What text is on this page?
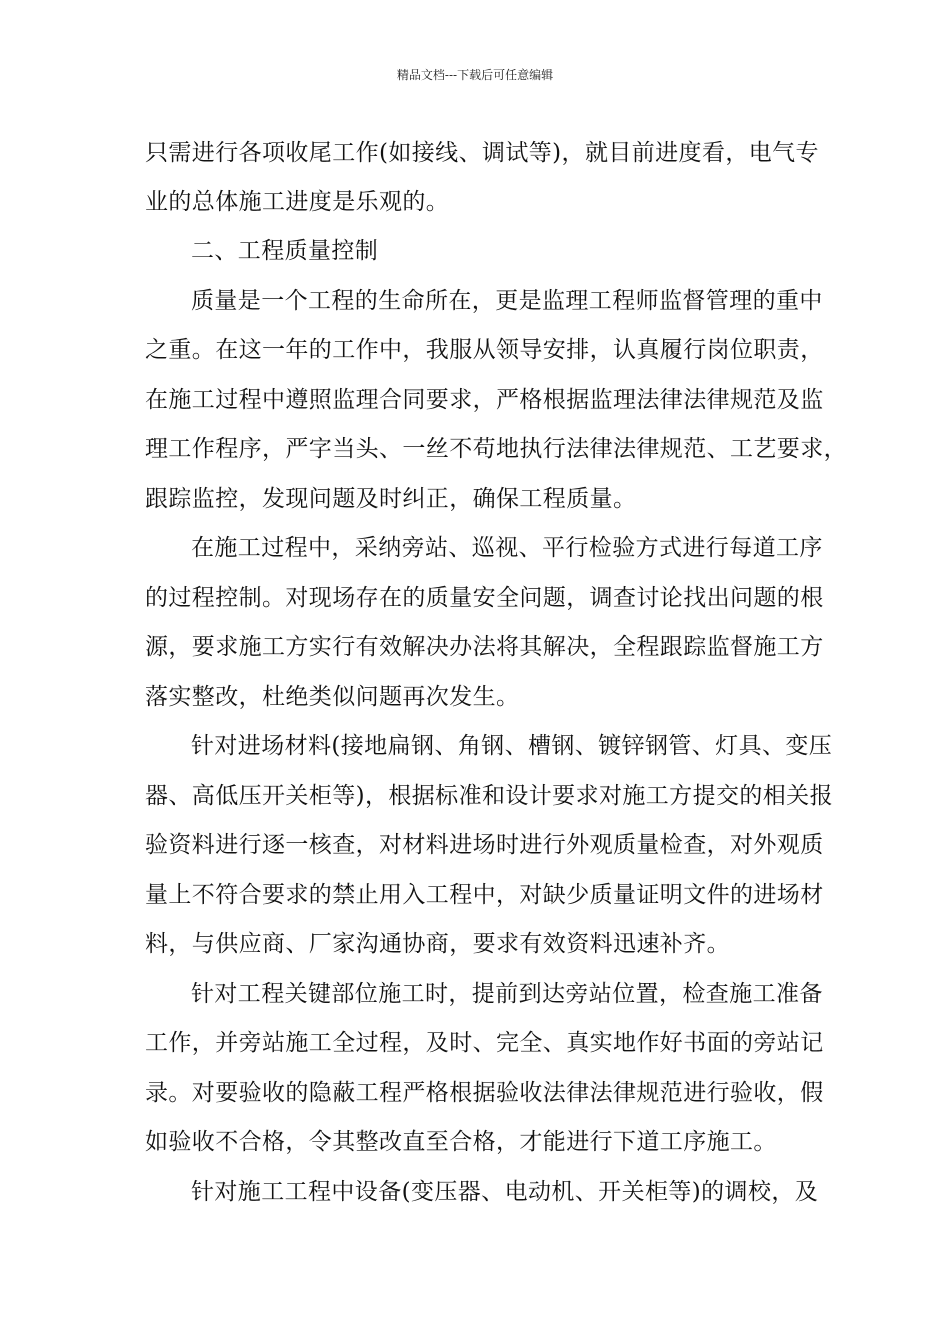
精品文档---下载后可任意编辑
只需进行各项收尾工作(如接线、调试等)，就目前进度看，电气专
业的总体施工进度是乐观的。
二、工程质量控制
质量是一个工程的生命所在，更是监理工程师监督管理的重中
之重。在这一年的工作中，我服从领导安排，认真履行岗位职责，
在施工过程中遵照监理合同要求，严格根据监理法律法律规范及监
理工作程序，严字当头、一丝不苟地执行法律法律规范、工艺要求，
跟踪监控，发现问题及时纠正，确保工程质量。
在施工过程中，采纳旁站、巡视、平行检验方式进行每道工序
的过程控制。对现场存在的质量安全问题，调查讨论找出问题的根
源，要求施工方实行有效解决办法将其解决，全程跟踪监督施工方
落实整改，杜绝类似问题再次发生。
针对进场材料(接地扁钢、角钢、槽钢、镀锌钢管、灯具、变压
器、高低压开关柜等)，根据标准和设计要求对施工方提交的相关报
验资料进行逐一核查，对材料进场时进行外观质量检查，对外观质
量上不符合要求的禁止用入工程中，对缺少质量证明文件的进场材
料，与供应商、厂家沟通协商，要求有效资料迅速补齐。
针对工程关键部位施工时，提前到达旁站位置，检查施工准备
工作，并旁站施工全过程，及时、完全、真实地作好书面的旁站记
录。对要验收的隐蔽工程严格根据验收法律法律规范进行验收，假
如验收不合格，令其整改直至合格，才能进行下道工序施工。
针对施工工程中设备(变压器、电动机、开关柜等)的调校，及
